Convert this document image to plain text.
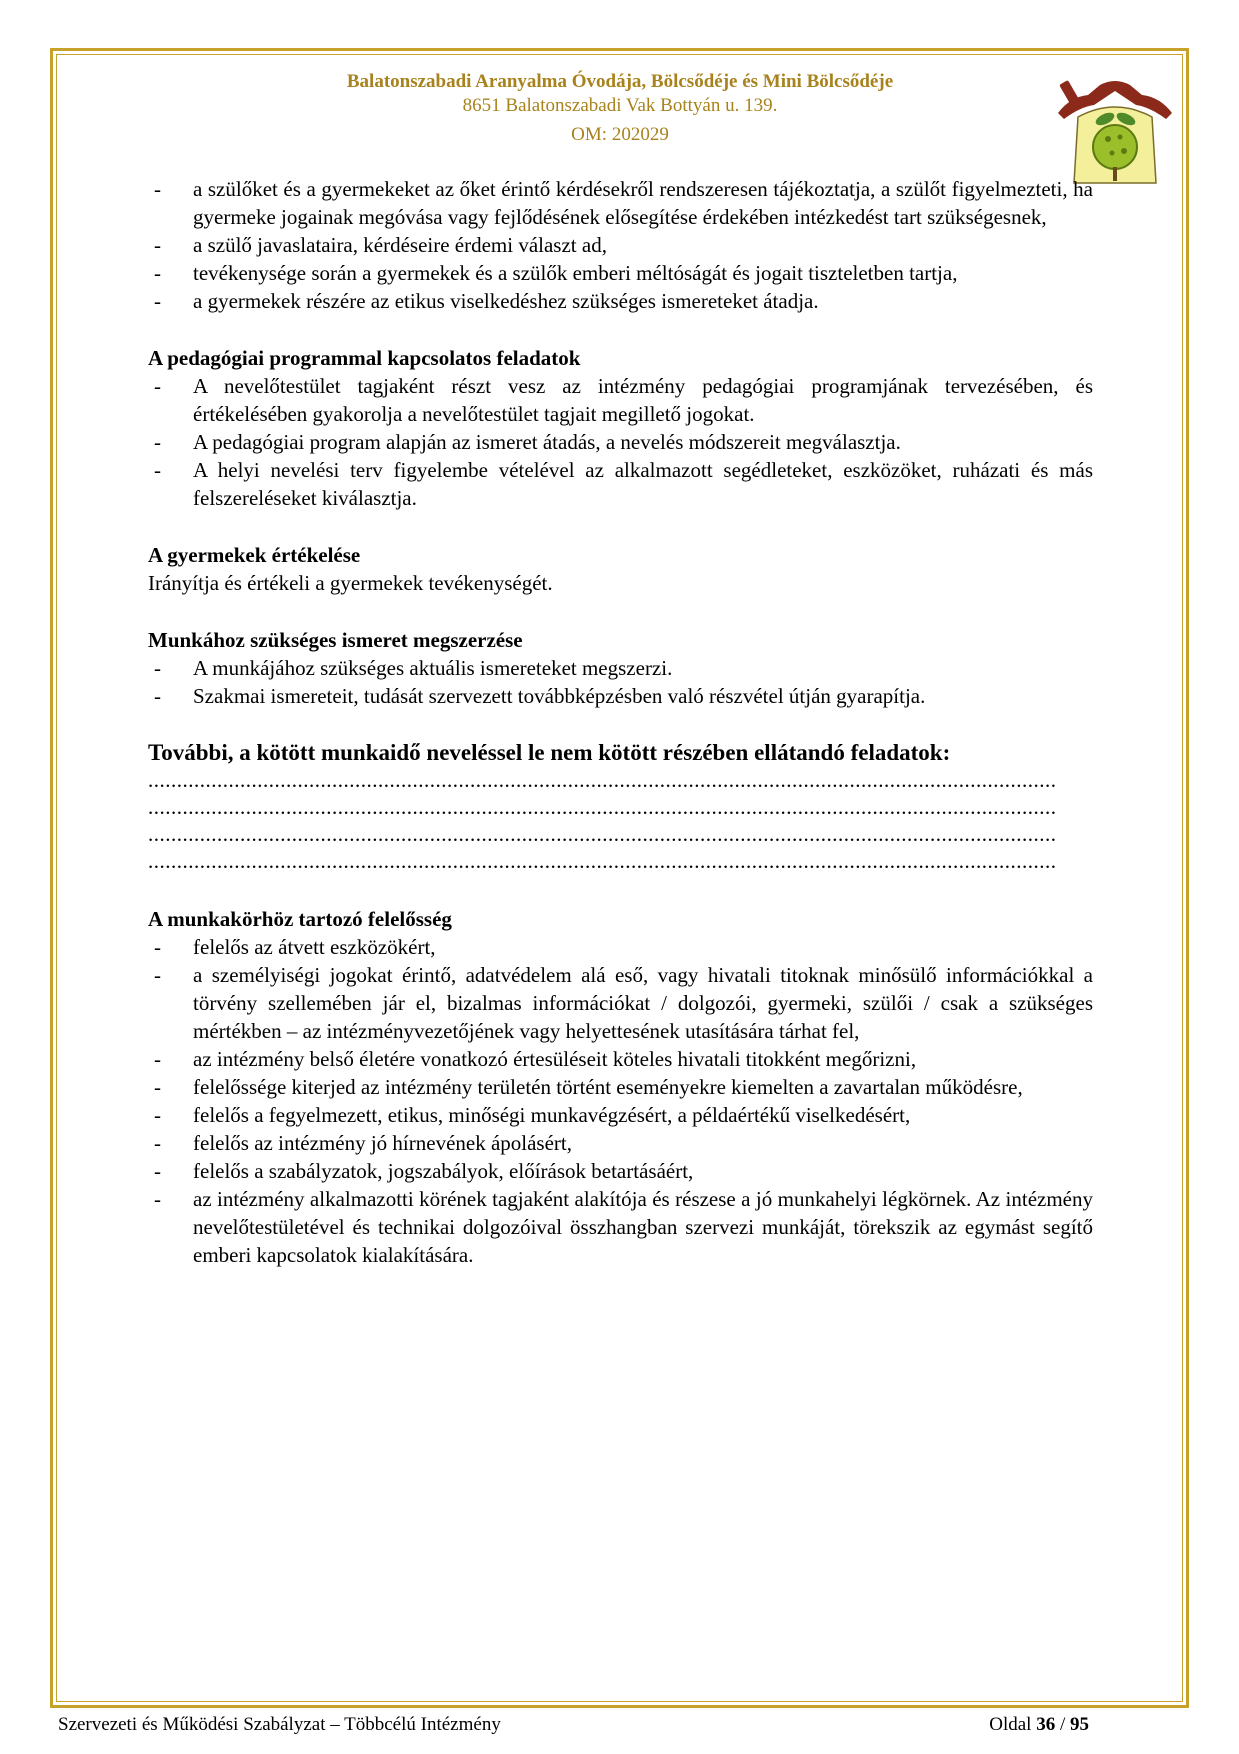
Balatonszabadi Aranyalma Óvodája, Bölcsődéje és Mini Bölcsődéje
8651 Balatonszabadi Vak Bottyán u. 139.
OM: 202029
- a szülőket és a gyermekeket az őket érintő kérdésekről rendszeresen tájékoztatja, a szülőt figyelmezteti, ha gyermeke jogainak megóvása vagy fejlődésének elősegítése érdekében intézkedést tart szükségesnek,
- a szülő javaslataira, kérdéseire érdemi választ ad,
- tevékenysége során a gyermekek és a szülők emberi méltóságát és jogait tiszteletben tartja,
- a gyermekek részére az etikus viselkedéshez szükséges ismereteket átadja.
A pedagógiai programmal kapcsolatos feladatok
- A nevelőtestület tagjaként részt vesz az intézmény pedagógiai programjának tervezésében, és értékelésében gyakorolja a nevelőtestület tagjait megillető jogokat.
- A pedagógiai program alapján az ismeret átadás, a nevelés módszereit megválasztja.
- A helyi nevelési terv figyelembe vételével az alkalmazott segédleteket, eszközöket, ruházati és más felszereléseket kiválasztja.
A gyermekek értékelése
Irányítja és értékeli a gyermekek tevékenységét.
Munkához szükséges ismeret megszerzése
- A munkájához szükséges aktuális ismereteket megszerzi.
- Szakmai ismereteit, tudását szervezett továbbképzésben való részvétel útján gyarapítja.
További, a kötött munkaidő neveléssel le nem kötött részében ellátandó feladatok:
..............................................................................................................................................................
..............................................................................................................................................................
..............................................................................................................................................................
..............................................................................................................................................................
A munkakörhöz tartozó felelősség
- felelős az átvett eszközökért,
- a személyiségi jogokat érintő, adatvédelem alá eső, vagy hivatali titoknak minősülő információkkal a törvény szellemében jár el, bizalmas információkat / dolgozói, gyermeki, szülői / csak a szükséges mértékben – az intézményvezetőjének vagy helyettesének utasítására tárhat fel,
- az intézmény belső életére vonatkozó értesüléseit köteles hivatali titokként megőrizni,
- felelőssége kiterjed az intézmény területén történt eseményekre kiemelten a zavartalan működésre,
- felelős a fegyelmezett, etikus, minőségi munkavégzésért, a példaértékű viselkedésért,
- felelős az intézmény jó hírnevének ápolásért,
- felelős a szabályzatok, jogszabályok, előírások betartásáért,
- az intézmény alkalmazotti körének tagjaként alakítója és részese a jó munkahelyi légkörnek. Az intézmény nevelőtestületével és technikai dolgozóival összhangban szervezi munkáját, törekszik az egymást segítő emberi kapcsolatok kialakítására.
Szervezeti és Működési Szabályzat – Többcélú Intézmény	Oldal 36 / 95
